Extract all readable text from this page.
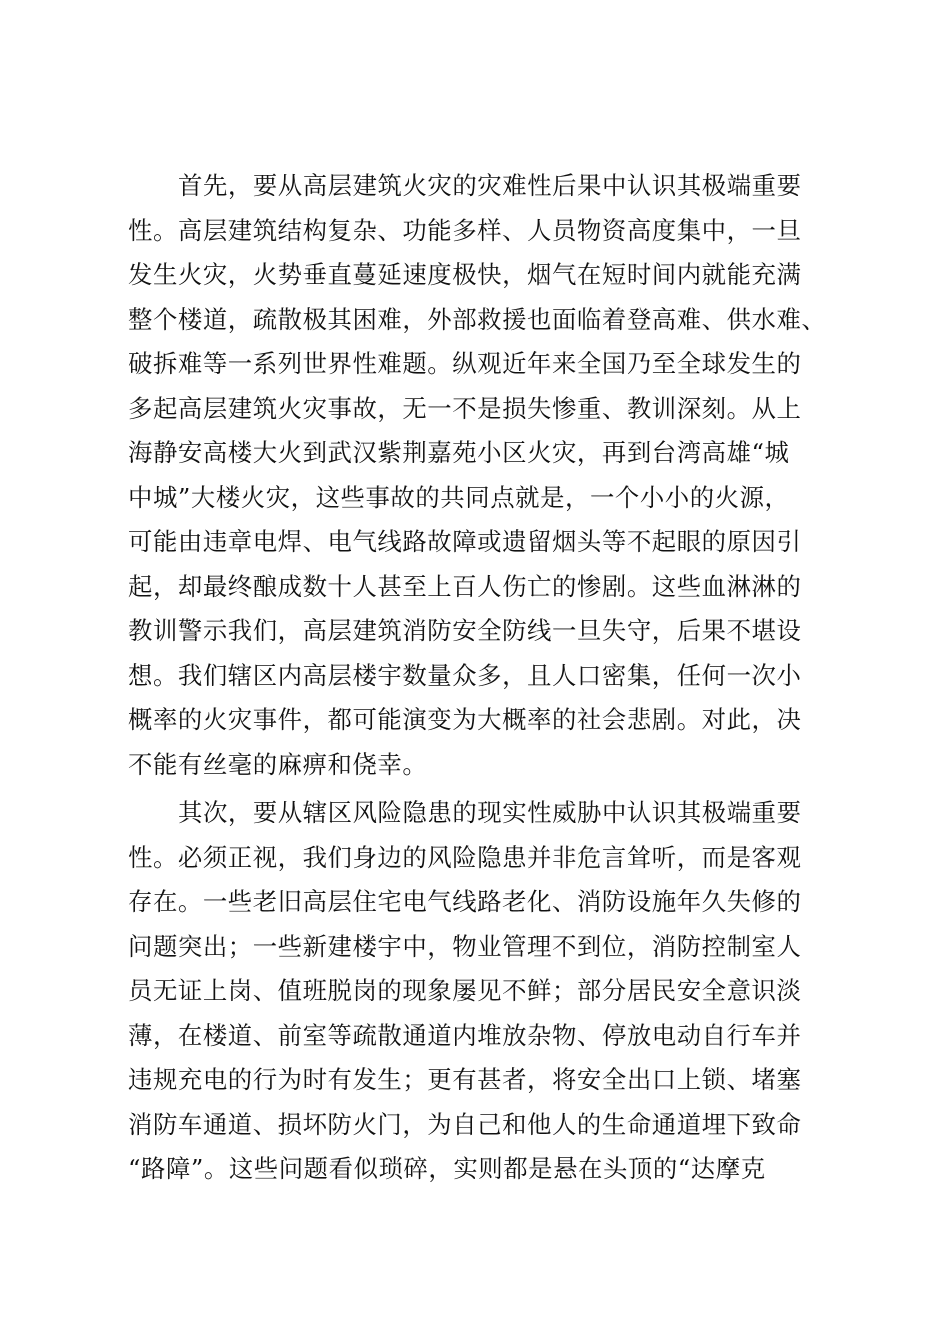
首先，要从高层建筑火灾的灾难性后果中认识其极端重要
性。高层建筑结构复杂、功能多样、人员物资高度集中，一旦
发生火灾，火势垂直蔓延速度极快，烟气在短时间内就能充满
整个楼道，疏散极其困难，外部救援也面临着登高难、供水难、
破拆难等一系列世界性难题。纵观近年来全国乃至全球发生的
多起高层建筑火灾事故，无一不是损失惨重、教训深刻。从上
海静安高楼大火到武汉紫荆嘉苑小区火灾，再到台湾高雄“城
中城”大楼火灾，这些事故的共同点就是，一个小小的火源，
可能由违章电焊、电气线路故障或遗留烟头等不起眼的原因引
起，却最终酿成数十人甚至上百人伤亡的惨剧。这些血淋淋的
教训警示我们，高层建筑消防安全防线一旦失守，后果不堪设
想。我们辖区内高层楼宇数量众多，且人口密集，任何一次小
概率的火灾事件，都可能演变为大概率的社会悲剧。对此，决
不能有丝毫的麻痹和侥幸。
其次，要从辖区风险隐患的现实性威胁中认识其极端重要
性。必须正视，我们身边的风险隐患并非危言耸听，而是客观
存在。一些老旧高层住宅电气线路老化、消防设施年久失修的
问题突出；一些新建楼宇中，物业管理不到位，消防控制室人
员无证上岗、值班脱岗的现象屡见不鲜；部分居民安全意识淡
薄，在楼道、前室等疏散通道内堆放杂物、停放电动自行车并
违规充电的行为时有发生；更有甚者，将安全出口上锁、堵塞
消防车通道、损坏防火门，为自己和他人的生命通道埋下致命
“路障”。这些问题看似琐碎，实则都是悬在头顶的“达摩克
